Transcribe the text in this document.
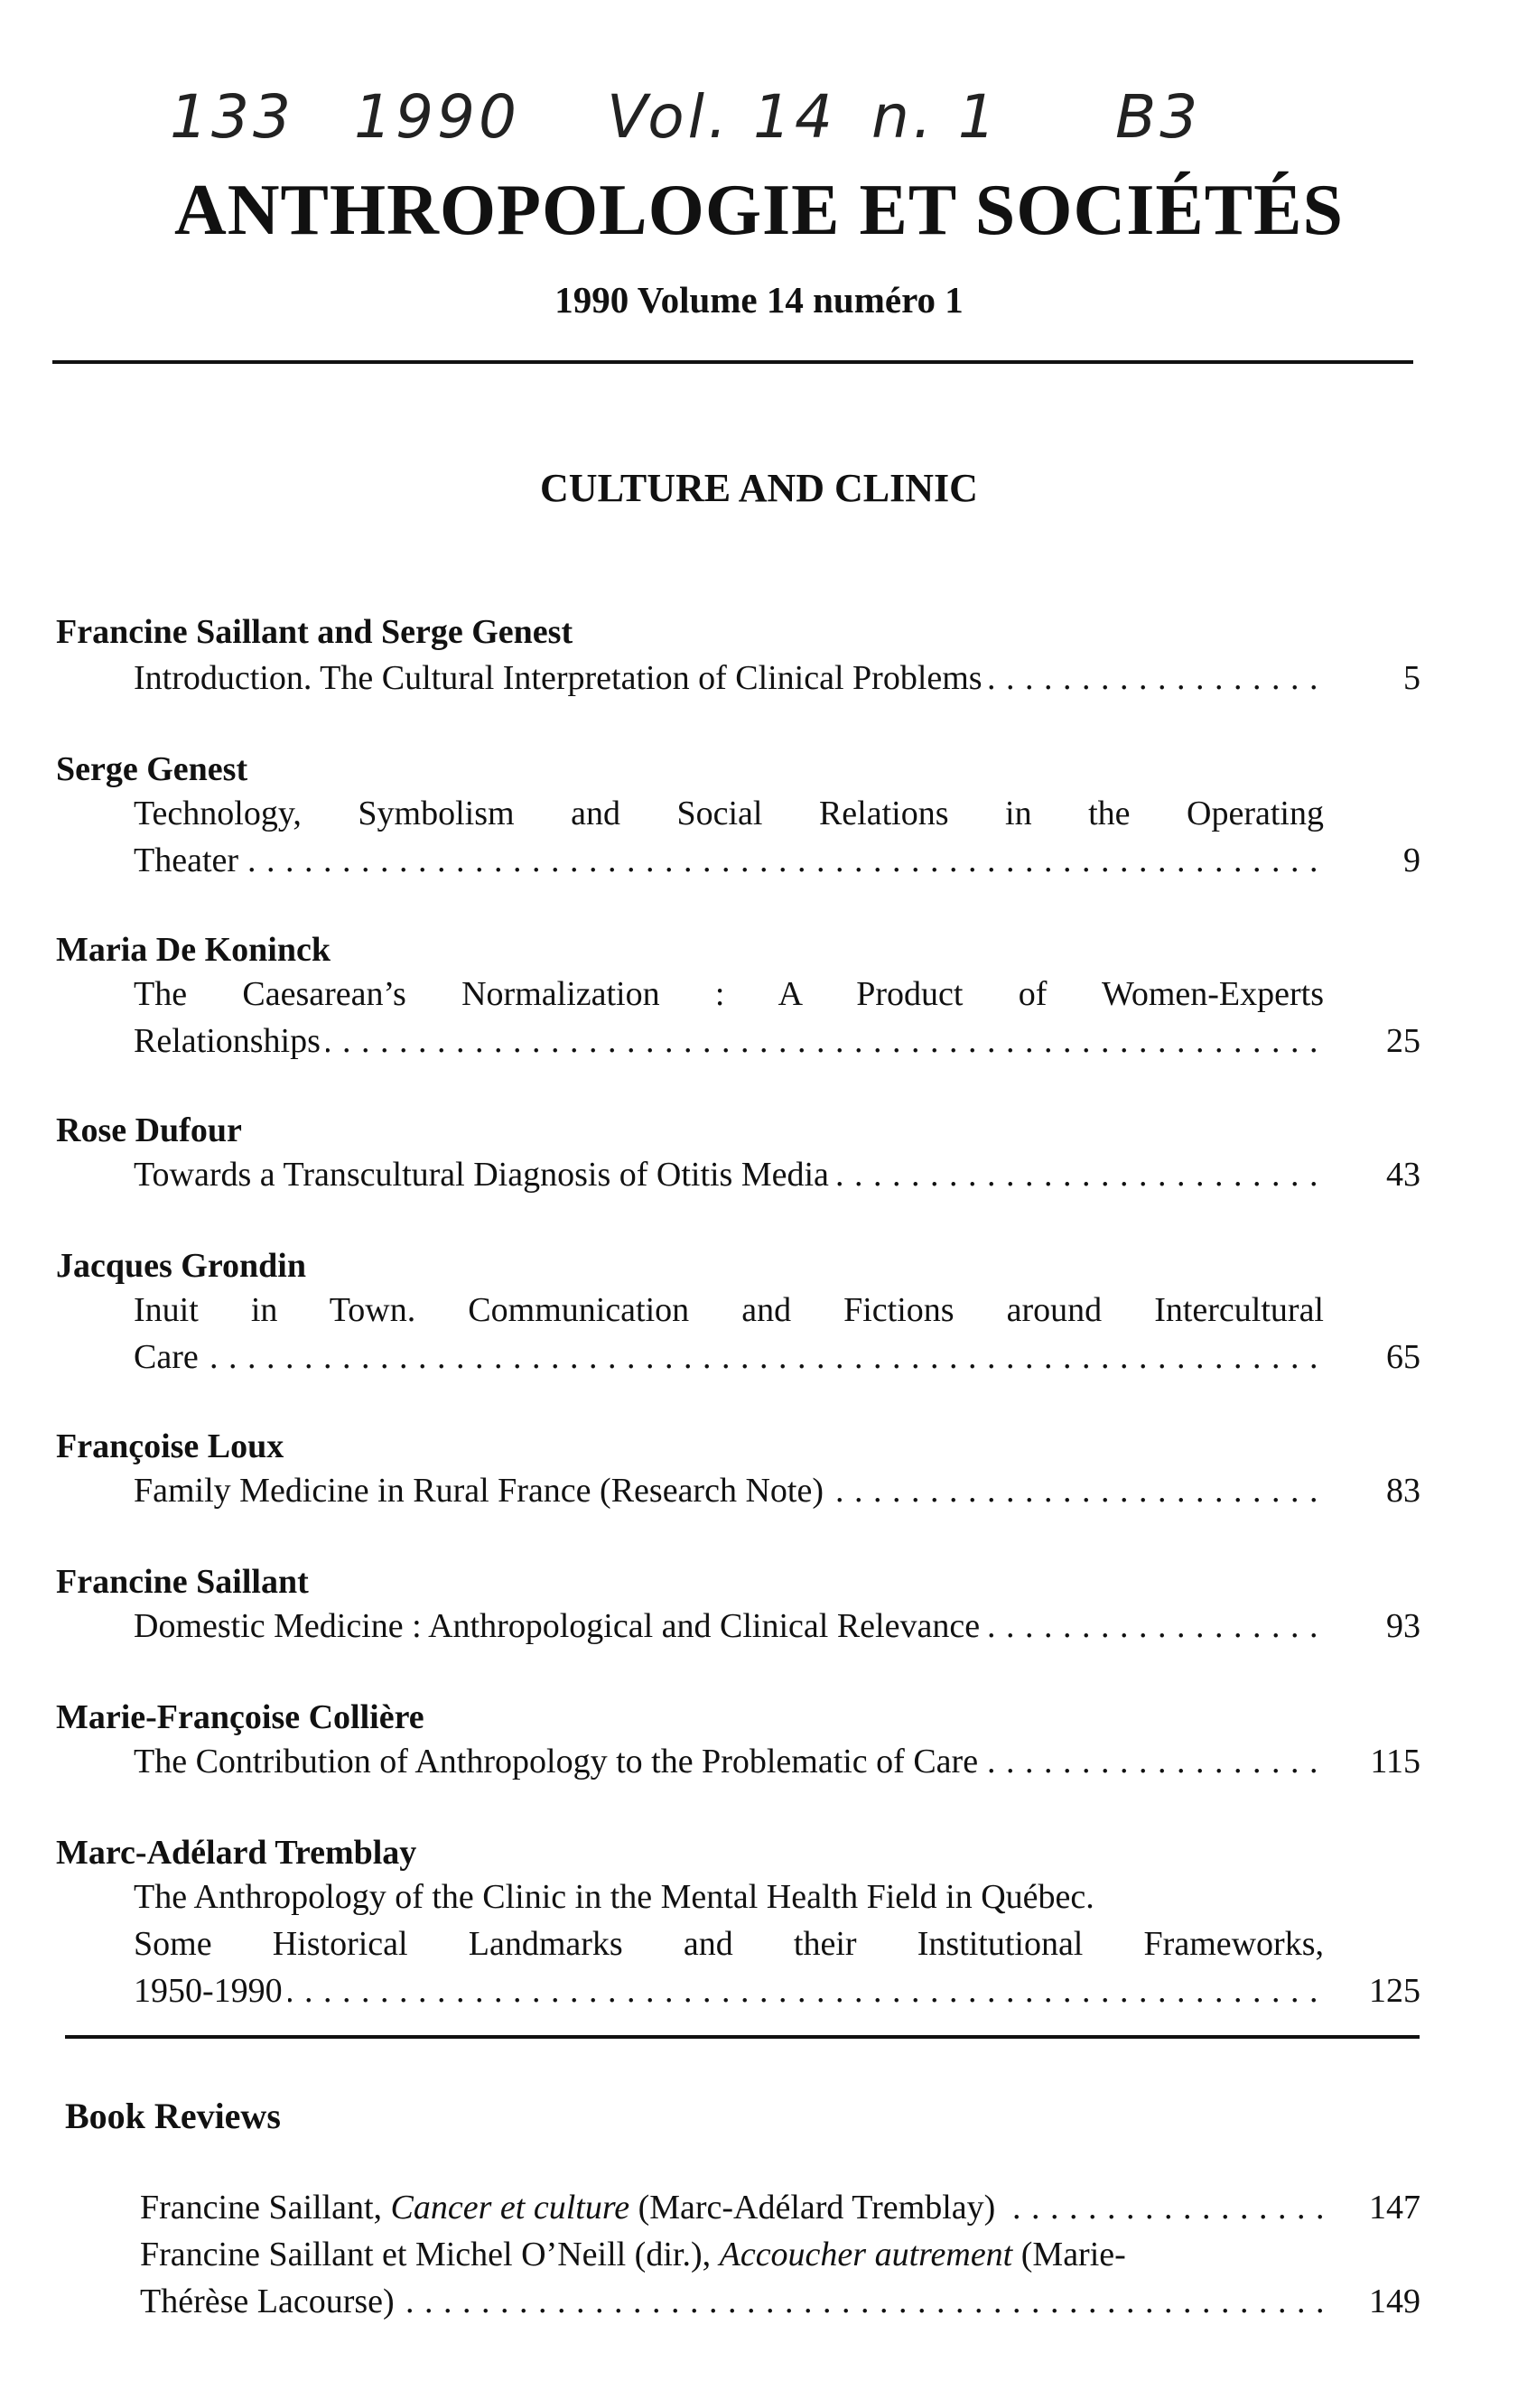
133 1990 Vol. 14 n. 1 B3
ANTHROPOLOGIE ET SOCIÉTÉS
1990 Volume 14 numéro 1
CULTURE AND CLINIC
Francine Saillant and Serge Genest
Introduction. The Cultural Interpretation of Clinical Problems . . .	5
Serge Genest
Technology, Symbolism and Social Relations in the Operating
Theater . . .	9
Maria De Koninck
The Caesarean’s Normalization : A Product of Women-Experts
Relationships . . .	25
Rose Dufour
Towards a Transcultural Diagnosis of Otitis Media . . .	43
Jacques Grondin
Inuit in Town. Communication and Fictions around Intercultural
Care . . .	65
Françoise Loux
Family Medicine in Rural France (Research Note) . . .	83
Francine Saillant
Domestic Medicine : Anthropological and Clinical Relevance . . .	93
Marie-Françoise Collière
The Contribution of Anthropology to the Problematic of Care . . .	115
Marc-Adélard Tremblay
The Anthropology of the Clinic in the Mental Health Field in Québec.
Some Historical Landmarks and their Institutional Frameworks,
1950-1990 . . .	125
Book Reviews
Francine Saillant, Cancer et culture (Marc-Adélard Tremblay) . . .	147
Francine Saillant et Michel O’Neill (dir.), Accoucher autrement (Marie-
Thérèse Lacourse) . . .	149
